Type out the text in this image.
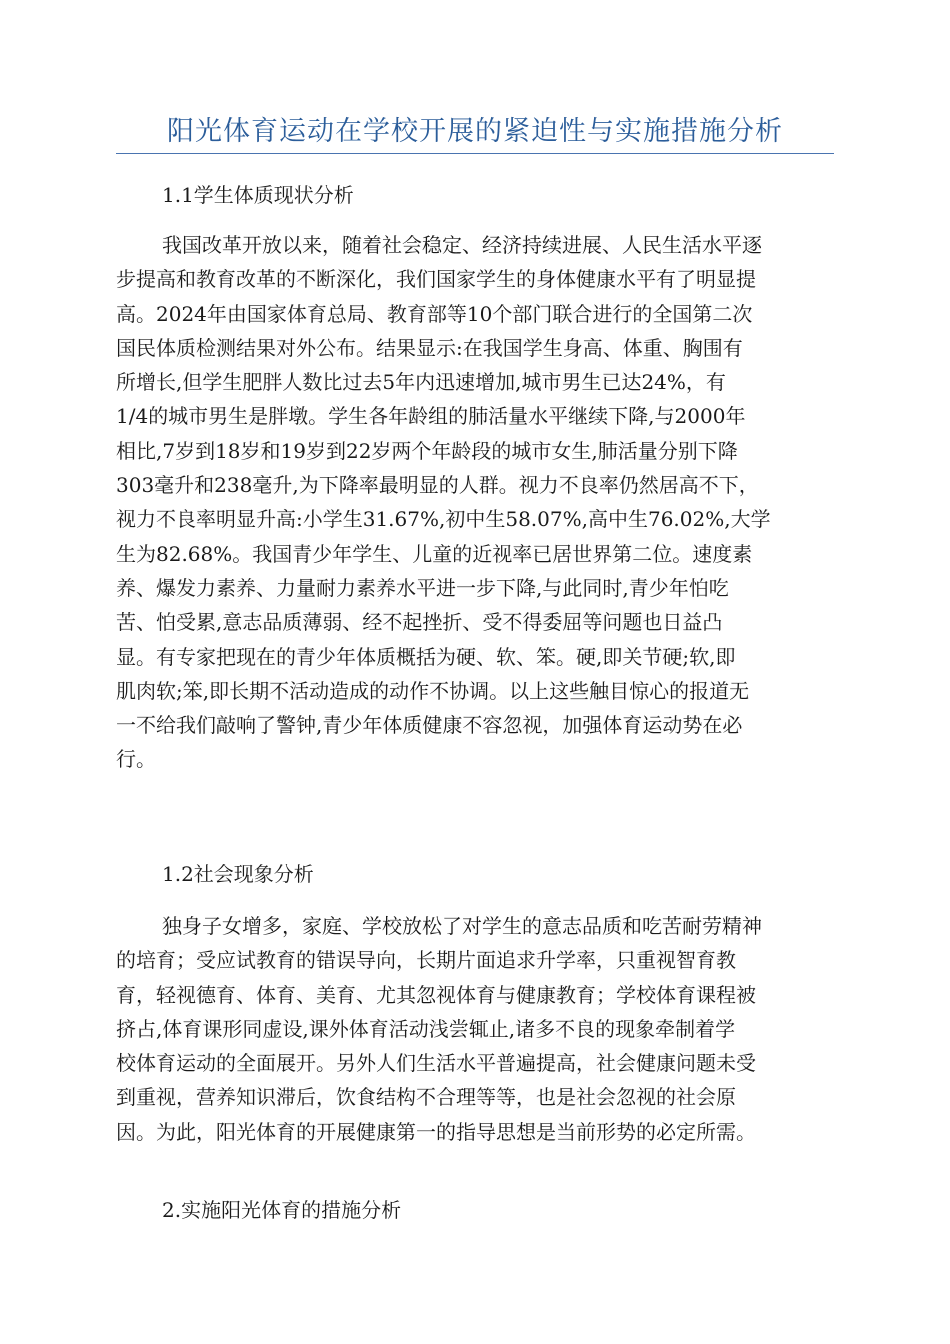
阳光体育运动在学校开展的紧迫性与实施措施分析
1.1学生体质现状分析
我国改革开放以来，随着社会稳定、经济持续进展、人民生活水平逐
步提高和教育改革的不断深化，我们国家学生的身体健康水平有了明显提
高。2024年由国家体育总局、教育部等10个部门联合进行的全国第二次
国民体质检测结果对外公布。结果显示:在我国学生身高、体重、胸围有
所增长,但学生肥胖人数比过去5年内迅速增加,城市男生已达24%，有
1/4的城市男生是胖墩。学生各年龄组的肺活量水平继续下降,与2000年
相比,7岁到18岁和19岁到22岁两个年龄段的城市女生,肺活量分别下降
303毫升和238毫升,为下降率最明显的人群。视力不良率仍然居高不下，
视力不良率明显升高:小学生31.67%,初中生58.07%,高中生76.02%,大学
生为82.68%。我国青少年学生、儿童的近视率已居世界第二位。速度素
养、爆发力素养、力量耐力素养水平进一步下降,与此同时,青少年怕吃
苦、怕受累,意志品质薄弱、经不起挫折、受不得委屈等问题也日益凸
显。有专家把现在的青少年体质概括为硬、软、笨。硬,即关节硬;软,即
肌肉软;笨,即长期不活动造成的动作不协调。以上这些触目惊心的报道无
一不给我们敲响了警钟,青少年体质健康不容忽视，加强体育运动势在必
行。
1.2社会现象分析
独身子女增多，家庭、学校放松了对学生的意志品质和吃苦耐劳精神
的培育；受应试教育的错误导向，长期片面追求升学率，只重视智育教
育，轻视德育、体育、美育、尤其忽视体育与健康教育；学校体育课程被
挤占,体育课形同虚设,课外体育活动浅尝辄止,诸多不良的现象牵制着学
校体育运动的全面展开。另外人们生活水平普遍提高，社会健康问题未受
到重视，营养知识滞后，饮食结构不合理等等，也是社会忽视的社会原
因。为此，阳光体育的开展健康第一的指导思想是当前形势的必定所需。
2.实施阳光体育的措施分析
